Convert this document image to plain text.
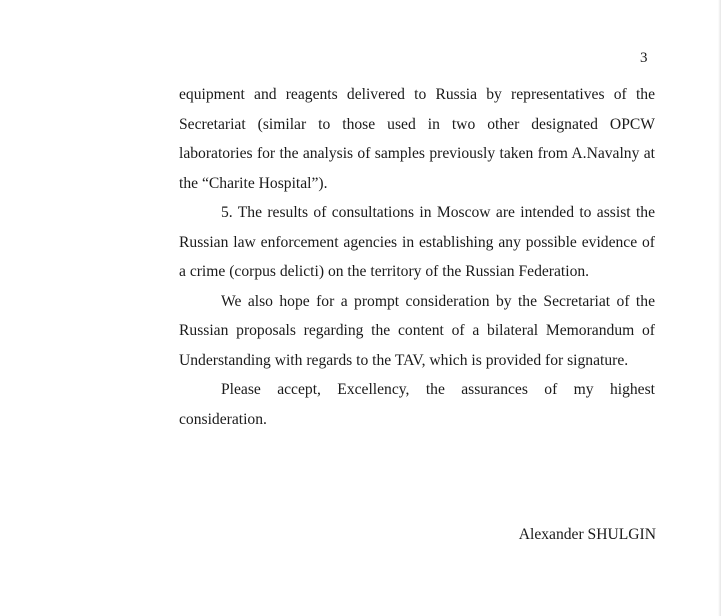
3

equipment and reagents delivered to Russia by representatives of the Secretariat (similar to those used in two other designated OPCW laboratories for the analysis of samples previously taken from A.Navalny at the “Charite Hospital”).

5. The results of consultations in Moscow are intended to assist the Russian law enforcement agencies in establishing any possible evidence of a crime (corpus delicti) on the territory of the Russian Federation.

We also hope for a prompt consideration by the Secretariat of the Russian proposals regarding the content of a bilateral Memorandum of Understanding with regards to the TAV, which is provided for signature.

Please accept, Excellency, the assurances of my highest consideration.

Alexander SHULGIN
